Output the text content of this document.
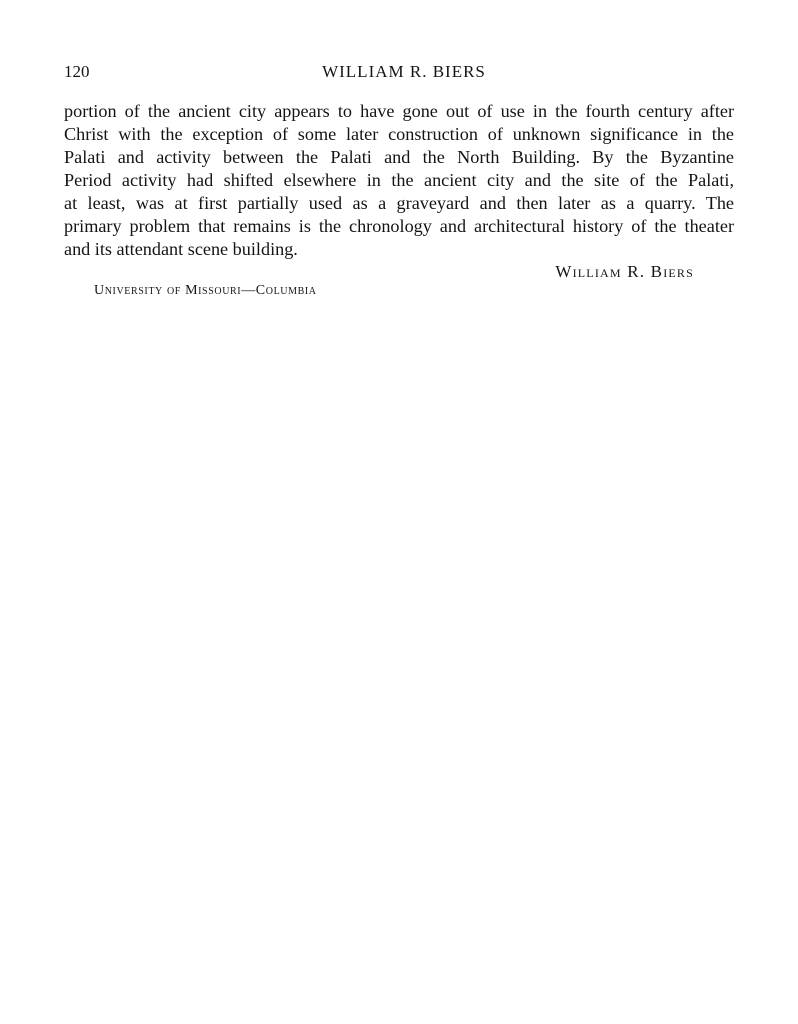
120	WILLIAM R. BIERS
portion of the ancient city appears to have gone out of use in the fourth century after
Christ with the exception of some later construction of unknown significance in the
Palati and activity between the Palati and the North Building. By the Byzantine
Period activity had shifted elsewhere in the ancient city and the site of the Palati,
at least, was at first partially used as a graveyard and then later as a quarry. The
primary problem that remains is the chronology and architectural history of the theater
and its attendant scene building.
William R. Biers
University of Missouri—Columbia
